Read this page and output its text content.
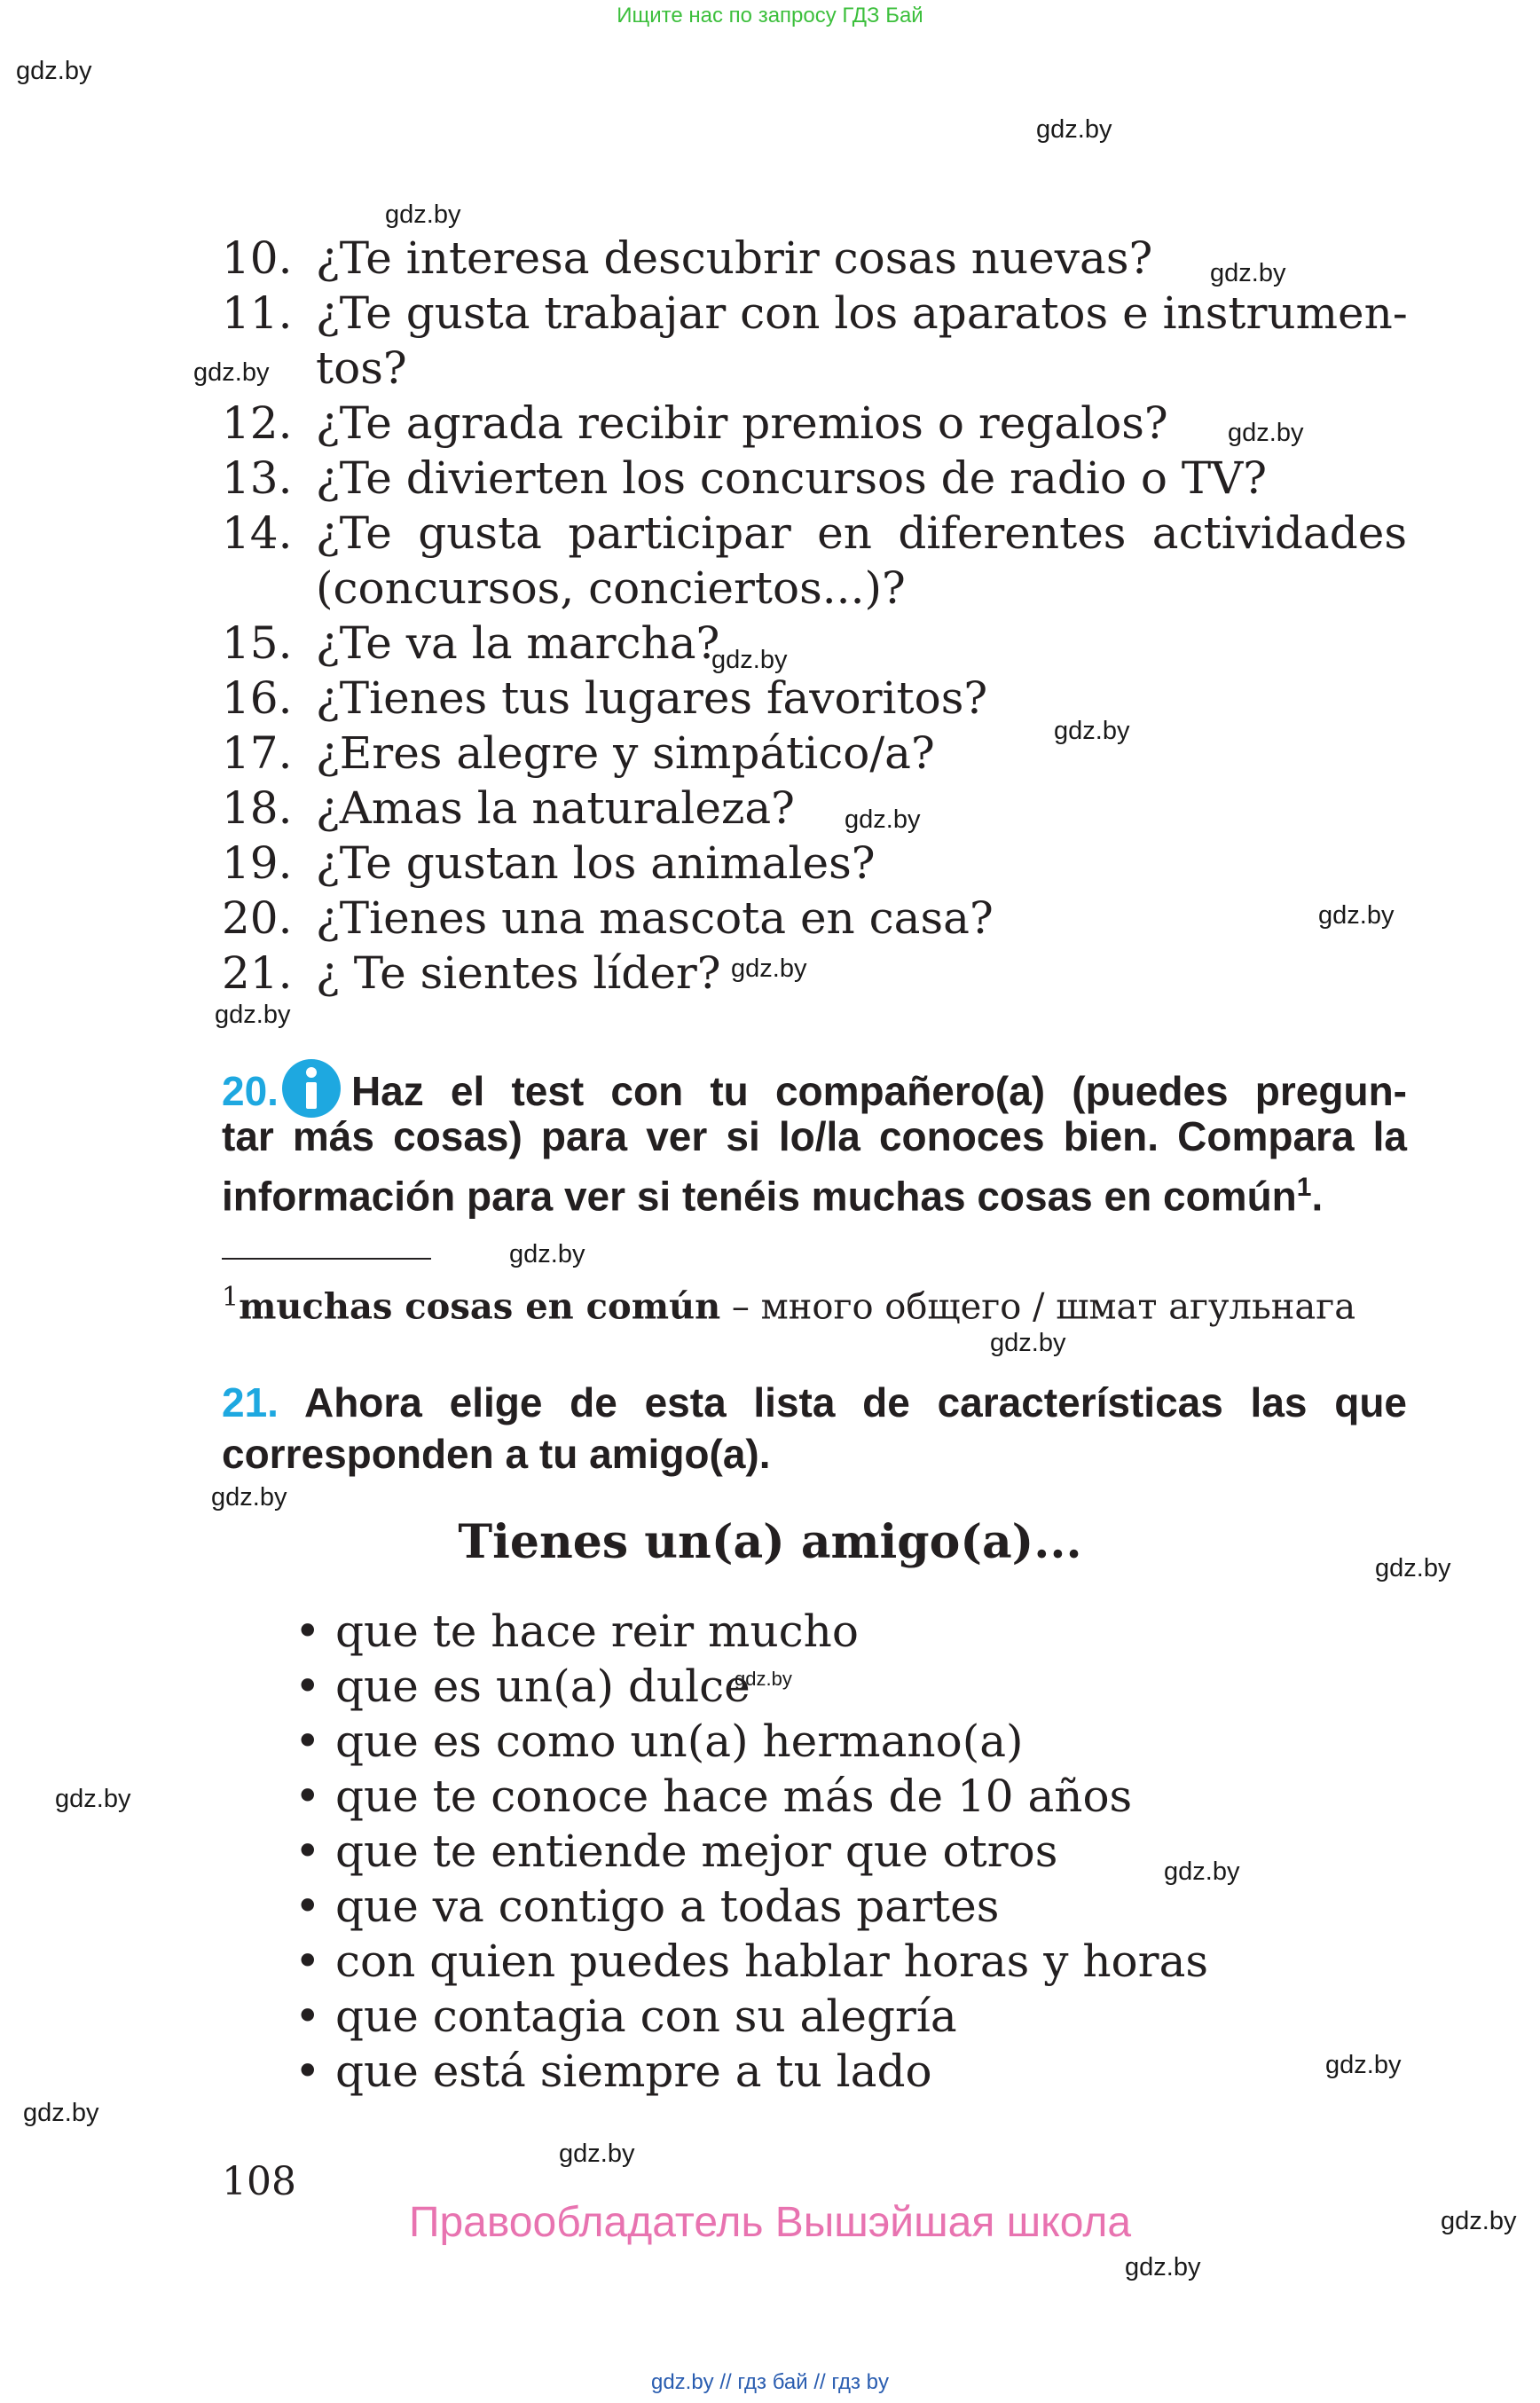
Ищите нас по запросу ГДЗ Бай
gdz.by
gdz.by
gdz.by
gdz.by
gdz.by
gdz.by
gdz.by
gdz.by
gdz.by
gdz.by
gdz.by
gdz.by
gdz.by
gdz.by
gdz.by
gdz.by
gdz.by
gdz.by
gdz.by
gdz.by
gdz.by
gdz.by
gdz.by
gdz.by
10. ¿Te interesa descubrir cosas nuevas?
11. ¿Te gusta trabajar con los aparatos e instrumen-
tos?
12. ¿Te agrada recibir premios o regalos?
13. ¿Te divierten los concursos de radio o TV?
14. ¿Te gusta participar en diferentes actividades
(concursos, conciertos...)?
15. ¿Te va la marcha?
16. ¿Tienes tus lugares favoritos?
17. ¿Eres alegre y simpático/a?
18. ¿Amas la naturaleza?
19. ¿Te gustan los animales?
20. ¿Tienes una mascota en casa?
21. ¿ Te sientes líder?
20. Haz el test con tu compañero(a) (puedes pregun-
tar más cosas) para ver si lo/la conoces bien. Compara la
información para ver si tenéis muchas cosas en común$^1$.
$^1$muchas cosas en común – много общего / шмат агульнага
21. Ahora elige de esta lista de características las que
corresponden a tu amigo(a).
Tienes un(a) amigo(a)...
• que te hace reir mucho
• que es un(a) dulce
• que es como un(a) hermano(a)
• que te conoce hace más de 10 años
• que te entiende mejor que otros
• que va contigo a todas partes
• con quien puedes hablar horas y horas
• que contagia con su alegría
• que está siempre a tu lado
108
Правообладатель Вышэйшая школа
gdz.by // гдз бай // гдз by
